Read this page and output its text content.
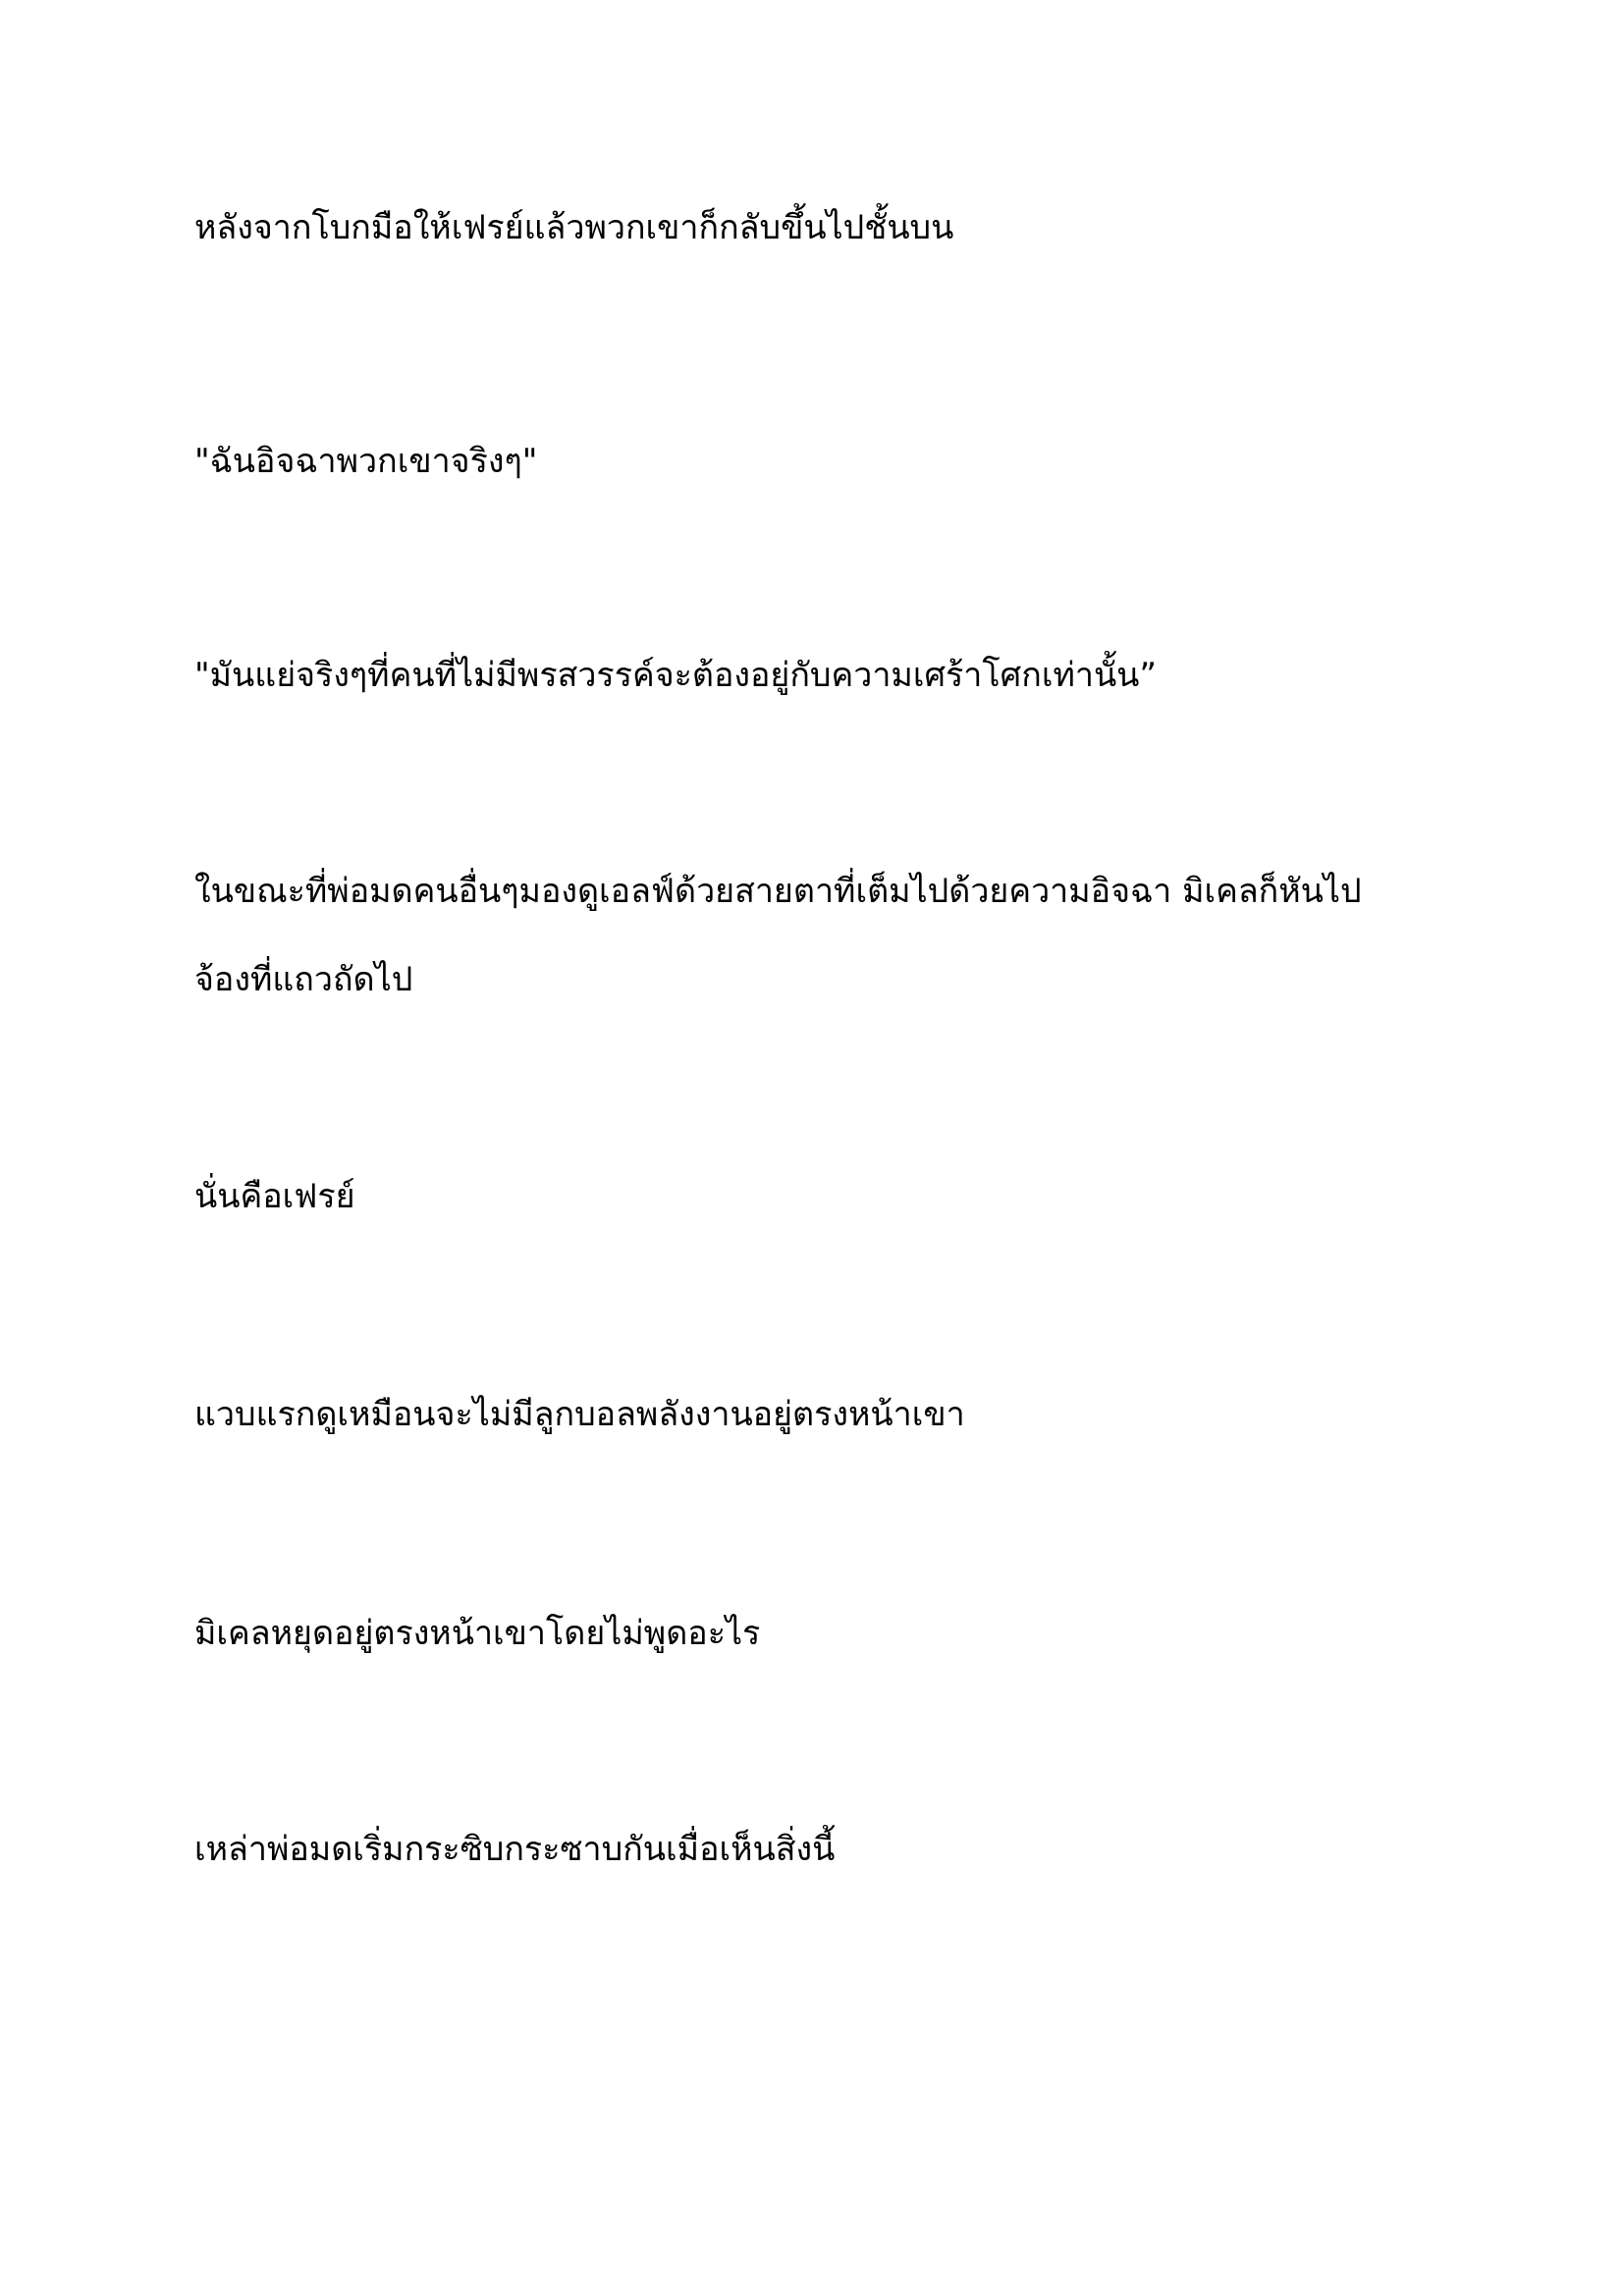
หลังจากโบกมือให้เฟรย์แล้วพวกเขาก็กลับขึ้นไปชั้นบน

"ฉันอิจฉาพวกเขาจริงๆ"

"มันแย่จริงๆที่คนที่ไม่มีพรสวรรค์จะต้องอยู่กับความเศร้าโศกเท่านั้น”

ในขณะที่พ่อมดคนอื่นๆมองดูเอลฟ์ด้วยสายตาที่เต็มไปด้วยความอิจฉา มิเคลก็หันไป

จ้องที่แถวถัดไป

นั่นคือเฟรย์

แวบแรกดูเหมือนจะไม่มีลูกบอลพลังงานอยู่ตรงหน้าเขา

มิเคลหยุดอยู่ตรงหน้าเขาโดยไม่พูดอะไร

เหล่าพ่อมดเริ่มกระซิบกระซาบกันเมื่อเห็นสิ่งนี้
